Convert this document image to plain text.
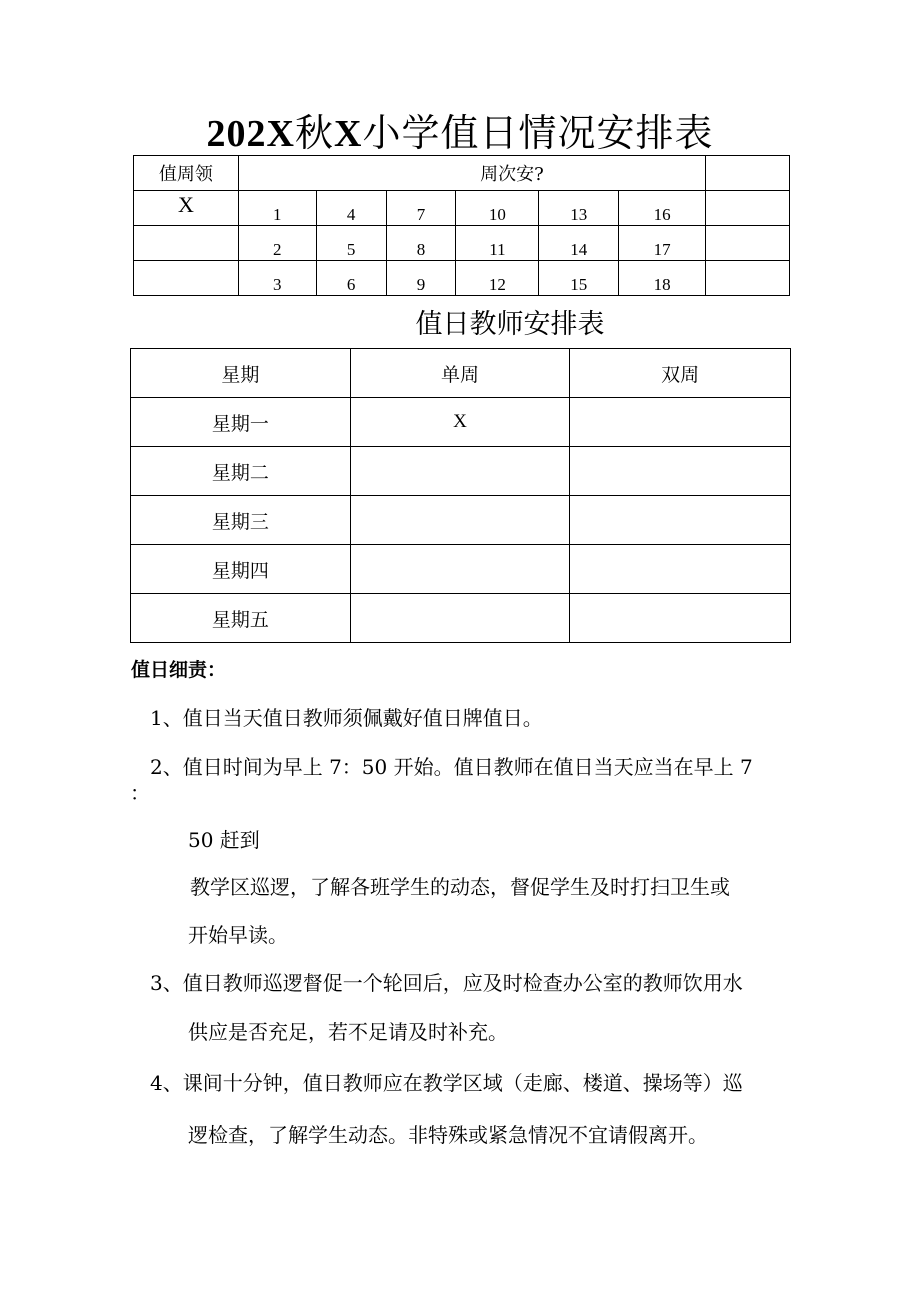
202X秋X小学值日情况安排表
值周领	周次安?						
X	1	4	7	10	13	16	
	2	5	8	11	14	17	
	3	6	9	12	15	18	
值日教师安排表
星期	单周	双周
星期一	X	
星期二		
星期三		
星期四		
星期五		
值日细责：
1、值日当天值日教师须佩戴好值日牌值日。
2、值日时间为早上 7：50 开始。值日教师在值日当天应当在早上 7
：
50 赶到
教学区巡逻，了解各班学生的动态，督促学生及时打扫卫生或
开始早读。
3、值日教师巡逻督促一个轮回后，应及时检查办公室的教师饮用水
供应是否充足，若不足请及时补充。
4、课间十分钟，值日教师应在教学区域（走廊、楼道、操场等）巡
逻检查，了解学生动态。非特殊或紧急情况不宜请假离开。
